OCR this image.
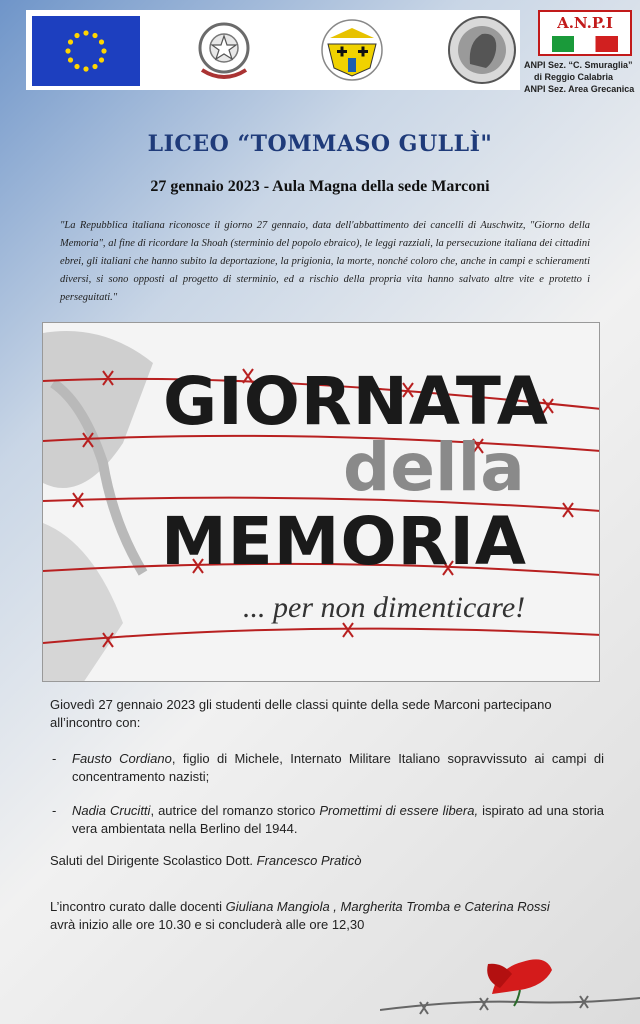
A.N.P.I
ANPI Sez. “C. Smuraglia”
di Reggio Calabria
ANPI Sez. Area Grecanica
LICEO “TOMMASO GULLÌ"
27 gennaio 2023 - Aula Magna della sede Marconi
"La Repubblica italiana riconosce il giorno 27 gennaio, data dell'abbattimento dei cancelli di Auschwitz, "Giorno della Memoria", al fine di ricordare la Shoah (sterminio del popolo ebraico), le leggi razziali, la persecuzione italiana dei cittadini ebrei, gli italiani che hanno subito la deportazione, la prigionia, la morte, nonché coloro che, anche in campi e schieramenti diversi, si sono opposti al progetto di sterminio, ed a rischio della propria vita hanno salvato altre vite e protetto i perseguitati."
GIORNATA
della
MEMORIA
... per non dimenticare!
Giovedì 27 gennaio 2023 gli studenti delle classi quinte della sede Marconi partecipano all’incontro con:
- Fausto Cordiano, figlio di Michele, Internato Militare Italiano sopravvissuto ai campi di concentramento nazisti;
- Nadia Crucitti, autrice del romanzo storico Promettimi di essere libera, ispirato ad una storia vera ambientata nella Berlino del 1944.
Saluti del Dirigente Scolastico Dott. Francesco Praticò
L’incontro curato dalle docenti Giuliana Mangiola , Margherita Tromba e Caterina Rossi
avrà inizio alle ore 10.30 e si concluderà alle ore 12,30
